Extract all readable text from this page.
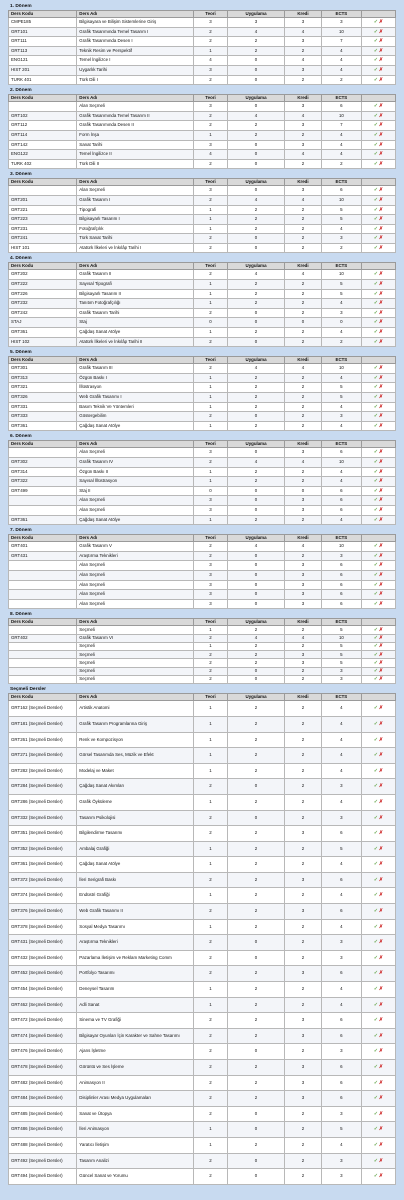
1. Dönem
Ders Kodu	Ders Adı	Teori	Uygulama	Kredi	ECTS	
CMPE185	Bilgisayara ve Bilişim Sistemlerine Giriş	3	3	3	3	✓✗
GRT101	Grafik Tasarımında Temel Tasarım I	2	4	4	10	✓✗
GRT111	Grafik Tasarımında Desen I	2	2	3	7	✓✗
GRT113	Teknik Resim ve Perspektif	1	2	2	4	✓✗
ENG121	Temel İngilizce I	4	0	4	4	✓✗
HIST 201	Uygarlık Tarihi	3	0	3	4	✓✗
TURK 401	Türk Dili I	2	0	2	2	✓✗
2. Dönem
Ders Kodu	Ders Adı	Teori	Uygulama	Kredi	ECTS	
	Alan Seçmeli	3	0	3	6	✓✗
GRT102	Grafik Tasarımında Temel Tasarım II	2	4	4	10	✓✗
GRT112	Grafik Tasarımında Desen II	2	2	3	7	✓✗
GRT114	Form İnşa	1	2	2	4	✓✗
GRT142	Sanat Tarihi	3	0	3	4	✓✗
ENG122	Temel İngilizce II	4	0	4	4	✓✗
TURK 402	Türk Dili II	2	0	2	2	✓✗
3. Dönem
Ders Kodu	Ders Adı	Teori	Uygulama	Kredi	ECTS	
	Alan Seçmeli	3	0	3	6	✓✗
GRT201	Grafik Tasarım I	2	4	4	10	✓✗
GRT221	Tipografi	1	2	2	5	✓✗
GRT223	Bilgisayarlı Tasarım I	1	2	2	5	✓✗
GRT231	Fotoğrafçılık	1	2	2	4	✓✗
GRT241	Türk Sanat Tarihi	2	0	2	3	✓✗
HIST 101	Atatürk İlkeleri ve İnkılâp Tarihi I	2	0	2	2	✓✗
4. Dönem
Ders Kodu	Ders Adı	Teori	Uygulama	Kredi	ECTS	
GRT202	Grafik Tasarım II	2	4	4	10	✓✗
GRT222	Sayısal Tipografi	1	2	2	5	✓✗
GRT226	Bilgisayarlı Tasarım II	1	2	2	5	✓✗
GRT232	Tanıtım Fotoğrafçılığı	1	2	2	4	✓✗
GRT242	Grafik Tasarım Tarihi	2	0	2	3	✓✗
STAJ	Staj	0	0	0	0	✓✗
GRT361	Çağdaş Sanat Atölye	1	2	2	4	✓✗
HIST 102	Atatürk İlkeleri ve İnkılâp Tarihi II	2	0	2	2	✓✗
5. Dönem
Ders Kodu	Ders Adı	Teori	Uygulama	Kredi	ECTS	
GRT301	Grafik Tasarım III	2	4	4	10	✓✗
GRT313	Özgün Baskı I	1	2	2	4	✓✗
GRT321	İllüstrasyon	1	2	2	5	✓✗
GRT326	Web Grafik Tasarımı I	1	2	2	5	✓✗
GRT331	Basım Teknik Ve Yöntemleri	1	2	2	4	✓✗
GRT333	Göstergebilim	2	0	2	3	✓✗
GRT361	Çağdaş Sanat Atölye	1	2	2	4	✓✗
6. Dönem
Ders Kodu	Ders Adı	Teori	Uygulama	Kredi	ECTS	
	Alan Seçmeli	3	0	3	6	✓✗
GRT302	Grafik Tasarım IV	2	4	4	10	✓✗
GRT314	Özgün Baskı II	1	2	2	4	✓✗
GRT322	Sayısal İllüstrasyon	1	2	2	4	✓✗
GRT499	Staj II	0	0	0	6	✓✗
	Alan Seçmeli	3	0	3	6	✓✗
	Alan Seçmeli	3	0	3	6	✓✗
GRT361	Çağdaş Sanat Atölye	1	2	2	4	✓✗
7. Dönem
Ders Kodu	Ders Adı	Teori	Uygulama	Kredi	ECTS	
GRT401	Grafik Tasarım V	2	4	4	10	✓✗
GRT431	Araştırma Teknikleri	2	0	2	3	✓✗
	Alan Seçmeli	3	0	3	6	✓✗
	Alan Seçmeli	3	0	3	6	✓✗
	Alan Seçmeli	3	0	3	6	✓✗
	Alan Seçmeli	3	0	3	6	✓✗
	Alan Seçmeli	3	0	3	6	✓✗
8. Dönem
Ders Kodu	Ders Adı	Teori	Uygulama	Kredi	ECTS	
	Seçmeli	1	2	2	5	✓✗
GRT402	Grafik Tasarım VI	2	4	4	10	✓✗
	Seçmeli	1	2	2	5	✓✗
	Seçmeli	2	2	3	5	✓✗
	Seçmeli	2	2	3	5	✓✗
	Seçmeli	2	0	2	3	✓✗
	Seçmeli	2	0	2	3	✓✗
Seçmeli Dersler
Ders Kodu	Ders Adı	Teori	Uygulama	Kredi	ECTS	
GRT162 (Seçmeli Dersler)	Artistik Anatomi	1	2	2	4	✓✗
GRT181 (Seçmeli Dersler)	Grafik Tasarım Programlarına Giriş	1	2	2	4	✓✗
GRT261 (Seçmeli Dersler)	Renk ve Kompozisyon	1	2	2	4	✓✗
GRT271 (Seçmeli Dersler)	Görsel Tasarımda Ses, Müzik ve Efekt	1	2	2	4	✓✗
GRT282 (Seçmeli Dersler)	Modelaj ve Maket	1	2	2	4	✓✗
GRT284 (Seçmeli Dersler)	Çağdaş Sanat Akımları	2	0	2	3	✓✗
GRT286 (Seçmeli Dersler)	Grafik Öyküleme	1	2	2	4	✓✗
GRT332 (Seçmeli Dersler)	Tasarım Psikolojisi	2	0	2	3	✓✗
GRT351 (Seçmeli Dersler)	Bilgilendirme Tasarımı	2	2	3	6	✓✗
GRT352 (Seçmeli Dersler)	Ambalaj Grafiği	1	2	2	5	✓✗
GRT361 (Seçmeli Dersler)	Çağdaş Sanat Atölye	1	2	2	4	✓✗
GRT372 (Seçmeli Dersler)	İleri Serigrafi Baskı	2	2	3	6	✓✗
GRT374 (Seçmeli Dersler)	Endüstri Grafiği	1	2	2	4	✓✗
GRT376 (Seçmeli Dersler)	Web Grafik Tasarımı II	2	2	3	6	✓✗
GRT378 (Seçmeli Dersler)	Sosyal Medya Tasarımı	1	2	2	4	✓✗
GRT431 (Seçmeli Dersler)	Araştırma Teknikleri	2	0	2	3	✓✗
GRT432 (Seçmeli Dersler)	Pazarlama İletişim ve Reklam Marketing Comm	2	0	2	3	✓✗
GRT452 (Seçmeli Dersler)	Portfolyo Tasarımı	2	2	3	6	✓✗
GRT454 (Seçmeli Dersler)	Deneysel Tasarım	1	2	2	4	✓✗
GRT462 (Seçmeli Dersler)	Adli Sanat	1	2	2	4	✓✗
GRT472 (Seçmeli Dersler)	Sinema ve TV Grafiği	2	2	3	6	✓✗
GRT474 (Seçmeli Dersler)	Bilgisayar Oyunları İçin Karakter ve Sahne Tasarımı	2	2	3	6	✓✗
GRT476 (Seçmeli Dersler)	Ajans İşletme	2	0	2	3	✓✗
GRT478 (Seçmeli Dersler)	Görüntü ve Ses İşleme	2	2	3	6	✓✗
GRT482 (Seçmeli Dersler)	Animasyon II	2	2	3	6	✓✗
GRT484 (Seçmeli Dersler)	Disiplinler Arası Medya Uygulamaları	2	2	3	6	✓✗
GRT485 (Seçmeli Dersler)	Sanat ve Ütopya	2	0	2	3	✓✗
GRT486 (Seçmeli Dersler)	İleri Animasyon	1	0	2	5	✓✗
GRT488 (Seçmeli Dersler)	Yaratıcı İletişim	1	2	2	4	✓✗
GRT492 (Seçmeli Dersler)	Tasarım Analizi	2	0	2	3	✓✗
GRT494 (Seçmeli Dersler)	Güncel Sanat ve Yorumu	2	0	2	3	✓✗
